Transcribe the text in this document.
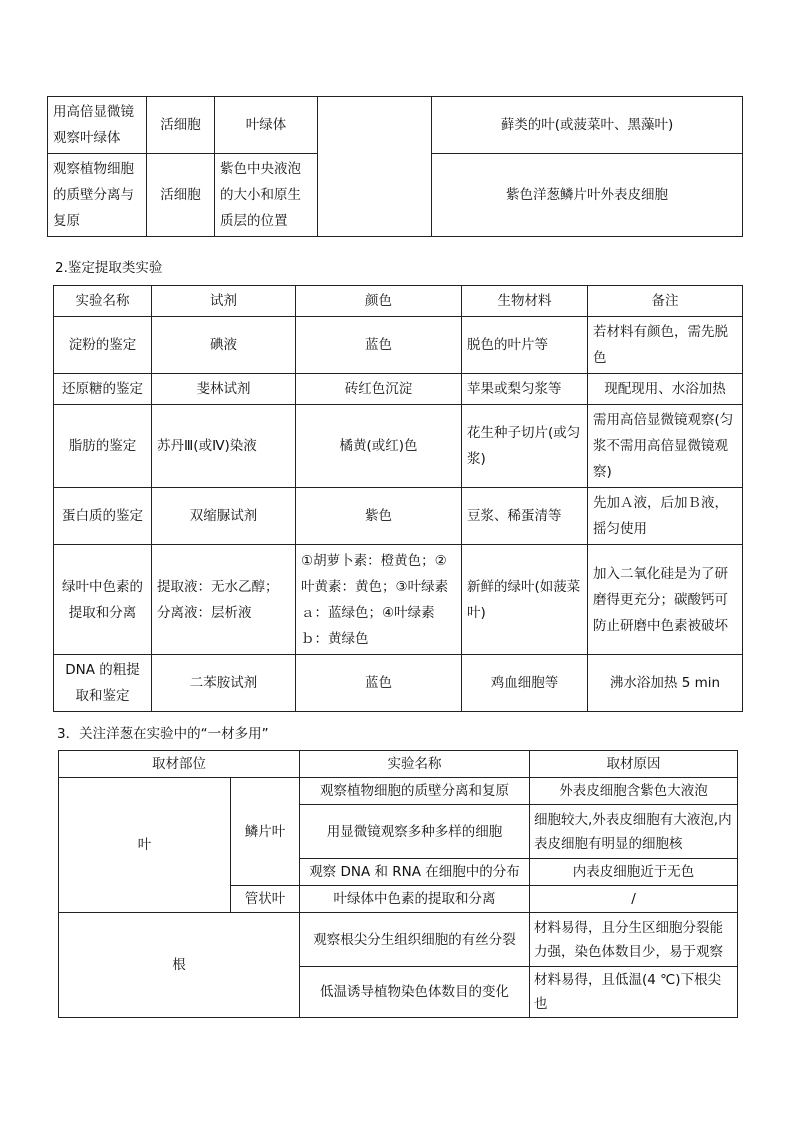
用高倍显微镜观察叶绿体	活细胞	叶绿体		藓类的叶(或菠菜叶、黑藻叶)
观察植物细胞的质壁分离与复原	活细胞	紫色中央液泡的大小和原生质层的位置		紫色洋葱鳞片叶外表皮细胞
2.鉴定提取类实验
实验名称	试剂	颜色	生物材料	备注
淀粉的鉴定	碘液	蓝色	脱色的叶片等	若材料有颜色，需先脱色
还原糖的鉴定	斐林试剂	砖红色沉淀	苹果或梨匀浆等	现配现用、水浴加热
脂肪的鉴定	苏丹Ⅲ(或Ⅳ)染液	橘黄(或红)色	花生种子切片(或匀浆)	需用高倍显微镜观察(匀浆不需用高倍显微镜观察)
蛋白质的鉴定	双缩脲试剂	紫色	豆浆、稀蛋清等	先加Ａ液，后加Ｂ液，摇匀使用
绿叶中色素的提取和分离	提取液：无水乙醇；分离液：层析液	①胡萝卜素：橙黄色；②叶黄素：黄色；③叶绿素ａ：蓝绿色；④叶绿素ｂ：黄绿色	新鲜的绿叶(如菠菜叶)	加入二氧化硅是为了研磨得更充分；碳酸钙可防止研磨中色素被破坏
DNA 的粗提取和鉴定	二苯胺试剂	蓝色	鸡血细胞等	沸水浴加热 5 min
3．关注洋葱在实验中的“一材多用”
取材部位		实验名称	取材原因
叶	鳞片叶	观察植物细胞的质壁分离和复原	外表皮细胞含紫色大液泡
		用显微镜观察多种多样的细胞	细胞较大,外表皮细胞有大液泡,内表皮细胞有明显的细胞核
		观察 DNA 和 RNA 在细胞中的分布	内表皮细胞近于无色
	管状叶	叶绿体中色素的提取和分离	/
根		观察根尖分生组织细胞的有丝分裂	材料易得，且分生区细胞分裂能力强，染色体数目少，易于观察
		低温诱导植物染色体数目的变化	材料易得，且低温(4 ℃)下根尖也
